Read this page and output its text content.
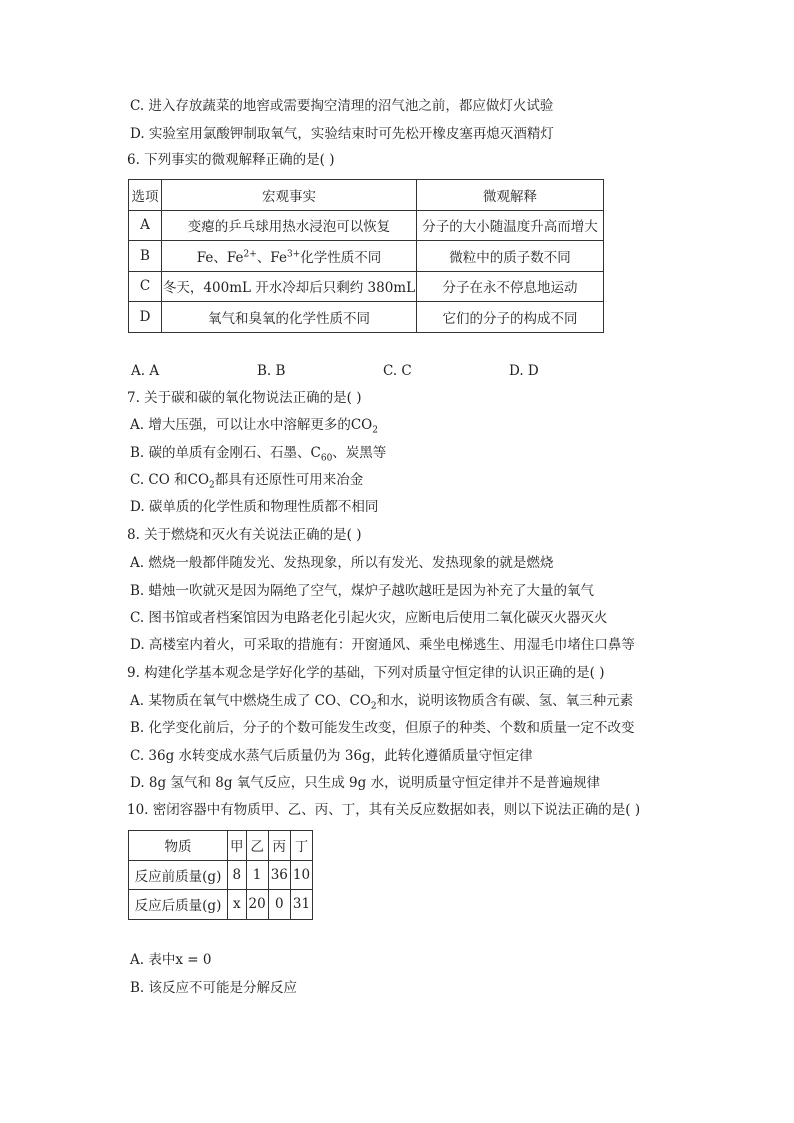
C. 进入存放蔬菜的地窖或需要掏空清理的沼气池之前，都应做灯火试验
D. 实验室用氯酸钾制取氧气，实验结束时可先松开橡皮塞再熄灭酒精灯
6. 下列事实的微观解释正确的是( )
选项	宏观事实	微观解释
A	变瘪的乒乓球用热水浸泡可以恢复	分子的大小随温度升高而增大
B	Fe、$Fe^{2+}$、$Fe^{3+}$化学性质不同	微粒中的质子数不同
C	冬天，400mL 开水冷却后只剩约 380mL	分子在永不停息地运动
D	氧气和臭氧的化学性质不同	它们的分子的构成不同
A. A	B. B	C. C	D. D
7. 关于碳和碳的氧化物说法正确的是( )
A. 增大压强，可以让水中溶解更多的$CO_2$
B. 碳的单质有金刚石、石墨、$C_{60}$、炭黑等
C. CO 和$CO_2$都具有还原性可用来冶金
D. 碳单质的化学性质和物理性质都不相同
8. 关于燃烧和灭火有关说法正确的是( )
A. 燃烧一般都伴随发光、发热现象，所以有发光、发热现象的就是燃烧
B. 蜡烛一吹就灭是因为隔绝了空气，煤炉子越吹越旺是因为补充了大量的氧气
C. 图书馆或者档案馆因为电路老化引起火灾，应断电后使用二氧化碳灭火器灭火
D. 高楼室内着火，可采取的措施有：开窗通风、乘坐电梯逃生、用湿毛巾堵住口鼻等
9. 构建化学基本观念是学好化学的基础，下列对质量守恒定律的认识正确的是( )
A. 某物质在氧气中燃烧生成了 CO、$CO_2$和水，说明该物质含有碳、氢、氧三种元素
B. 化学变化前后，分子的个数可能发生改变，但原子的种类、个数和质量一定不改变
C. 36g 水转变成水蒸气后质量仍为 36g，此转化遵循质量守恒定律
D. 8g 氢气和 8g 氧气反应，只生成 9g 水，说明质量守恒定律并不是普遍规律
10. 密闭容器中有物质甲、乙、丙、丁，其有关反应数据如表，则以下说法正确的是( )
物质	甲	乙	丙	丁
反应前质量(g)	8	1	36	10
反应后质量(g)	x	20	0	31
A. 表中x = 0
B. 该反应不可能是分解反应
